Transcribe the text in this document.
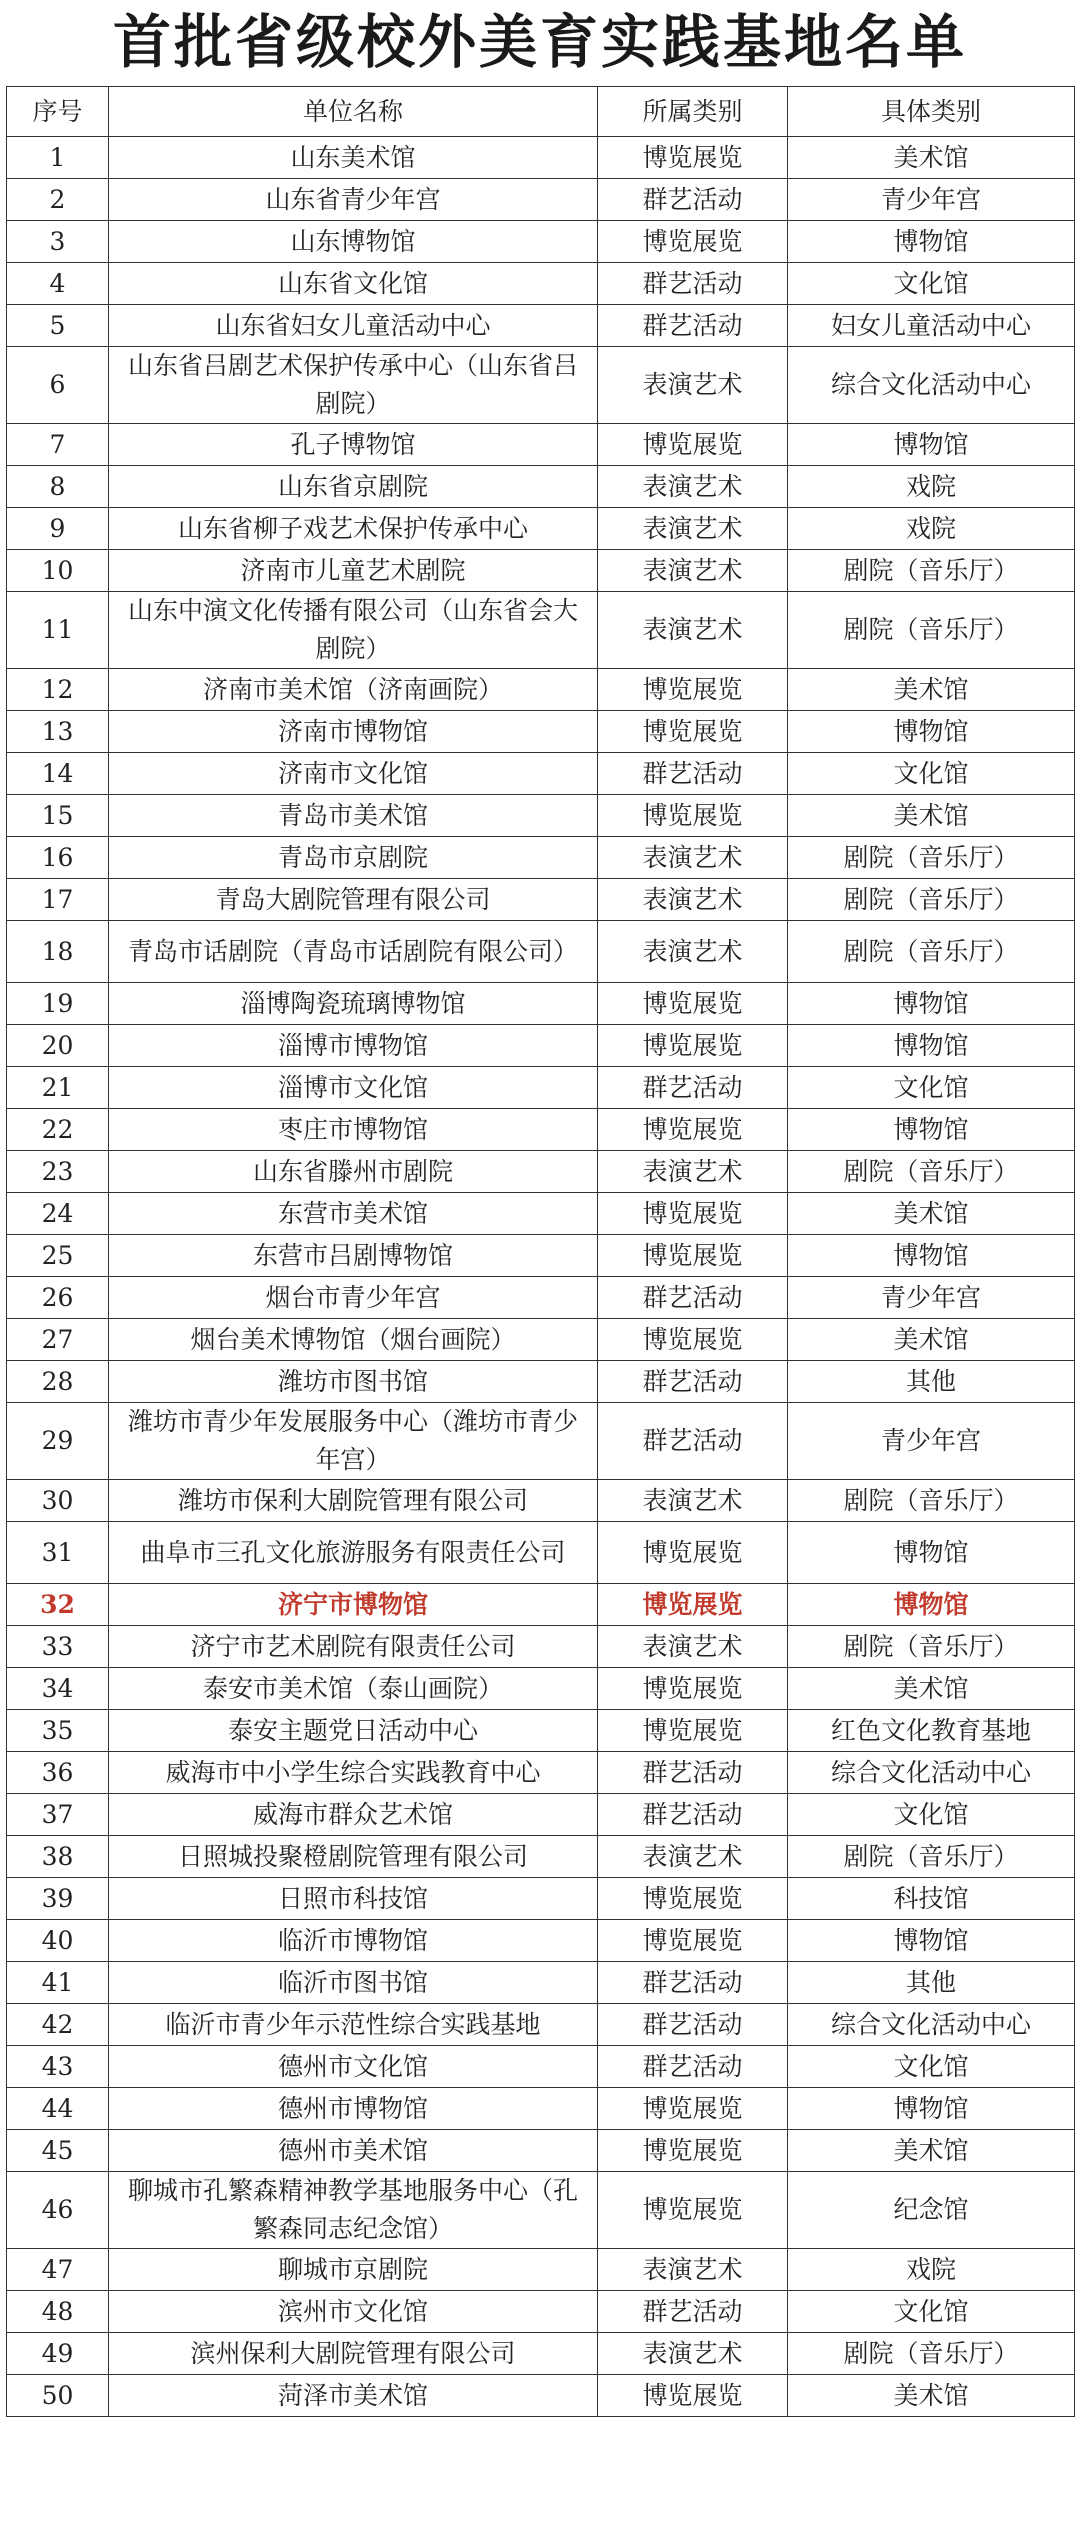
首批省级校外美育实践基地名单
序号	单位名称	所属类别	具体类别
1	山东美术馆	博览展览	美术馆
2	山东省青少年宫	群艺活动	青少年宫
3	山东博物馆	博览展览	博物馆
4	山东省文化馆	群艺活动	文化馆
5	山东省妇女儿童活动中心	群艺活动	妇女儿童活动中心
6	山东省吕剧艺术保护传承中心（山东省吕剧院）	表演艺术	综合文化活动中心
7	孔子博物馆	博览展览	博物馆
8	山东省京剧院	表演艺术	戏院
9	山东省柳子戏艺术保护传承中心	表演艺术	戏院
10	济南市儿童艺术剧院	表演艺术	剧院（音乐厅）
11	山东中演文化传播有限公司（山东省会大剧院）	表演艺术	剧院（音乐厅）
12	济南市美术馆（济南画院）	博览展览	美术馆
13	济南市博物馆	博览展览	博物馆
14	济南市文化馆	群艺活动	文化馆
15	青岛市美术馆	博览展览	美术馆
16	青岛市京剧院	表演艺术	剧院（音乐厅）
17	青岛大剧院管理有限公司	表演艺术	剧院（音乐厅）
18	青岛市话剧院（青岛市话剧院有限公司）	表演艺术	剧院（音乐厅）
19	淄博陶瓷琉璃博物馆	博览展览	博物馆
20	淄博市博物馆	博览展览	博物馆
21	淄博市文化馆	群艺活动	文化馆
22	枣庄市博物馆	博览展览	博物馆
23	山东省滕州市剧院	表演艺术	剧院（音乐厅）
24	东营市美术馆	博览展览	美术馆
25	东营市吕剧博物馆	博览展览	博物馆
26	烟台市青少年宫	群艺活动	青少年宫
27	烟台美术博物馆（烟台画院）	博览展览	美术馆
28	潍坊市图书馆	群艺活动	其他
29	潍坊市青少年发展服务中心（潍坊市青少年宫）	群艺活动	青少年宫
30	潍坊市保利大剧院管理有限公司	表演艺术	剧院（音乐厅）
31	曲阜市三孔文化旅游服务有限责任公司	博览展览	博物馆
32	济宁市博物馆	博览展览	博物馆
33	济宁市艺术剧院有限责任公司	表演艺术	剧院（音乐厅）
34	泰安市美术馆（泰山画院）	博览展览	美术馆
35	泰安主题党日活动中心	博览展览	红色文化教育基地
36	威海市中小学生综合实践教育中心	群艺活动	综合文化活动中心
37	威海市群众艺术馆	群艺活动	文化馆
38	日照城投聚橙剧院管理有限公司	表演艺术	剧院（音乐厅）
39	日照市科技馆	博览展览	科技馆
40	临沂市博物馆	博览展览	博物馆
41	临沂市图书馆	群艺活动	其他
42	临沂市青少年示范性综合实践基地	群艺活动	综合文化活动中心
43	德州市文化馆	群艺活动	文化馆
44	德州市博物馆	博览展览	博物馆
45	德州市美术馆	博览展览	美术馆
46	聊城市孔繁森精神教学基地服务中心（孔繁森同志纪念馆）	博览展览	纪念馆
47	聊城市京剧院	表演艺术	戏院
48	滨州市文化馆	群艺活动	文化馆
49	滨州保利大剧院管理有限公司	表演艺术	剧院（音乐厅）
50	菏泽市美术馆	博览展览	美术馆
